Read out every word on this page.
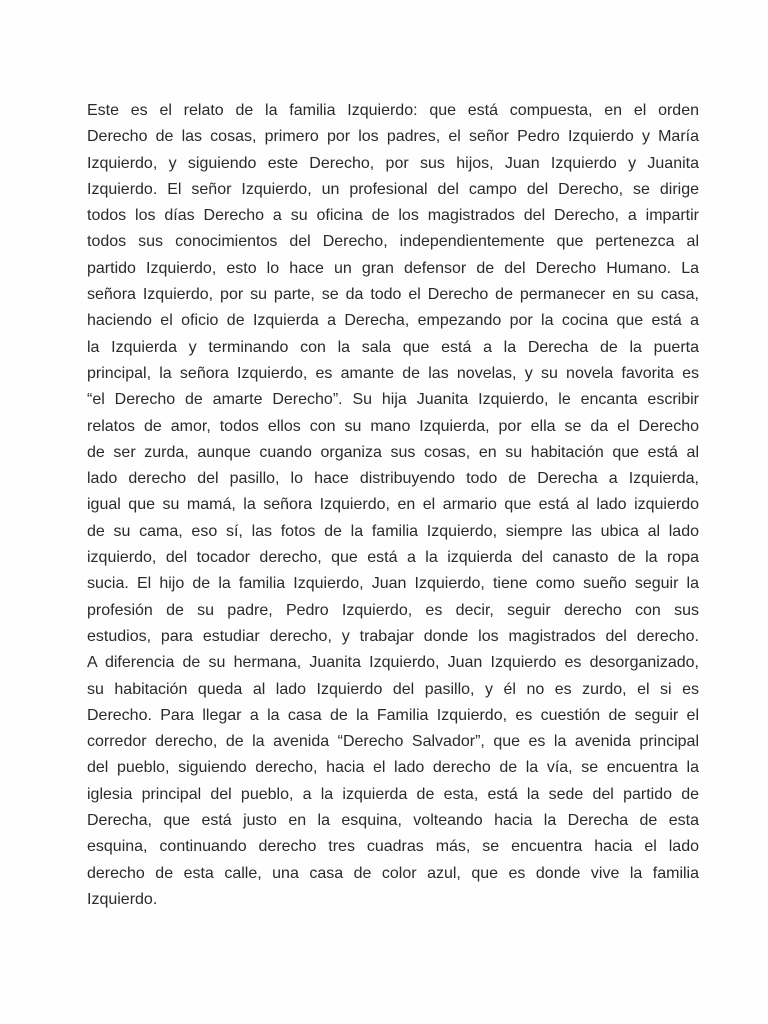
Este es el relato de la familia Izquierdo: que está compuesta, en el orden
Derecho de las cosas, primero por los padres, el señor Pedro Izquierdo y María
Izquierdo, y siguiendo este Derecho, por sus hijos, Juan Izquierdo y Juanita
Izquierdo. El señor Izquierdo, un profesional del campo del Derecho, se dirige
todos los días Derecho a su oficina de los magistrados del Derecho, a impartir
todos sus conocimientos del Derecho, independientemente que pertenezca al
partido Izquierdo, esto lo hace un gran defensor de del Derecho Humano. La
señora Izquierdo, por su parte, se da todo el Derecho de permanecer en su casa,
haciendo el oficio de Izquierda a Derecha, empezando por la cocina que está a
la Izquierda y terminando con la sala que está a la Derecha de la puerta
principal, la señora Izquierdo, es amante de las novelas, y su novela favorita es
“el Derecho de amarte Derecho”. Su hija Juanita Izquierdo, le encanta escribir
relatos de amor, todos ellos con su mano Izquierda, por ella se da el Derecho
de ser zurda, aunque cuando organiza sus cosas, en su habitación que está al
lado derecho del pasillo, lo hace distribuyendo todo de Derecha a Izquierda,
igual que su mamá, la señora Izquierdo, en el armario que está al lado izquierdo
de su cama, eso sí, las fotos de la familia Izquierdo, siempre las ubica al lado
izquierdo, del tocador derecho, que está a la izquierda del canasto de la ropa
sucia. El hijo de la familia Izquierdo, Juan Izquierdo, tiene como sueño seguir la
profesión de su padre, Pedro Izquierdo, es decir, seguir derecho con sus
estudios, para estudiar derecho, y trabajar donde los magistrados del derecho.
A diferencia de su hermana, Juanita Izquierdo, Juan Izquierdo es desorganizado,
su habitación queda al lado Izquierdo del pasillo, y él no es zurdo, el si es
Derecho. Para llegar a la casa de la Familia Izquierdo, es cuestión de seguir el
corredor derecho, de la avenida “Derecho Salvador”, que es la avenida principal
del pueblo, siguiendo derecho, hacia el lado derecho de la vía, se encuentra la
iglesia principal del pueblo, a la izquierda de esta, está la sede del partido de
Derecha, que está justo en la esquina, volteando hacia la Derecha de esta
esquina, continuando derecho tres cuadras más, se encuentra hacia el lado
derecho de esta calle, una casa de color azul, que es donde vive la familia
Izquierdo.
